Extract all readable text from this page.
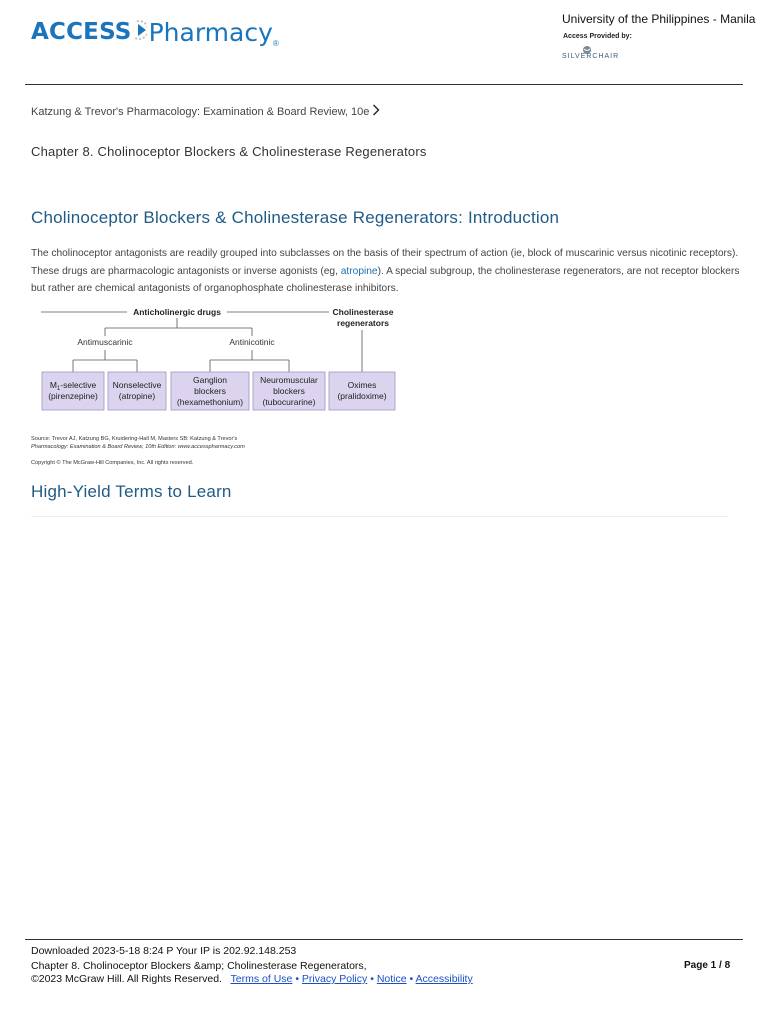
ACCESS Pharmacy ®
University of the Philippines - Manila
Access Provided by:
SILVERCHAIR
Katzung & Trevor's Pharmacology: Examination & Board Review, 10e
Chapter 8. Cholinoceptor Blockers & Cholinesterase Regenerators
Cholinoceptor Blockers & Cholinesterase Regenerators: Introduction

The cholinoceptor antagonists are readily grouped into subclasses on the basis of their spectrum of action (ie, block of muscarinic versus nicotinic receptors). These drugs are pharmacologic antagonists or inverse agonists (eg, atropine). A special subgroup, the cholinesterase regenerators, are not receptor blockers but rather are chemical antagonists of organophosphate cholinesterase inhibitors.

Anticholinergic drugs	Cholinesterase
regenerators
Antimuscarinic	Antinicotinic
$M_1$-selective
(pirenzepine)
Nonselective
(atropine)
Ganglion
blockers
(hexamethonium)
Neuromuscular
blockers
(tubocurarine)
Oximes
(pralidoxime)
Source: Trevor AJ, Katzung BG, Kruidering-Hall M, Masters SB: Katzung & Trevor's
Pharmacology: Examination & Board Review, 10th Edition: www.accesspharmacy.com
Copyright © The McGraw-Hill Companies, Inc. All rights reserved.
High-Yield Terms to Learn
Downloaded 2023-5-18 8:24 P Your IP is 202.92.148.253
Chapter 8. Cholinoceptor Blockers &amp; Cholinesterase Regenerators,
©2023 McGraw Hill. All Rights Reserved. Terms of Use • Privacy Policy • Notice • Accessibility
Page 1 / 8
